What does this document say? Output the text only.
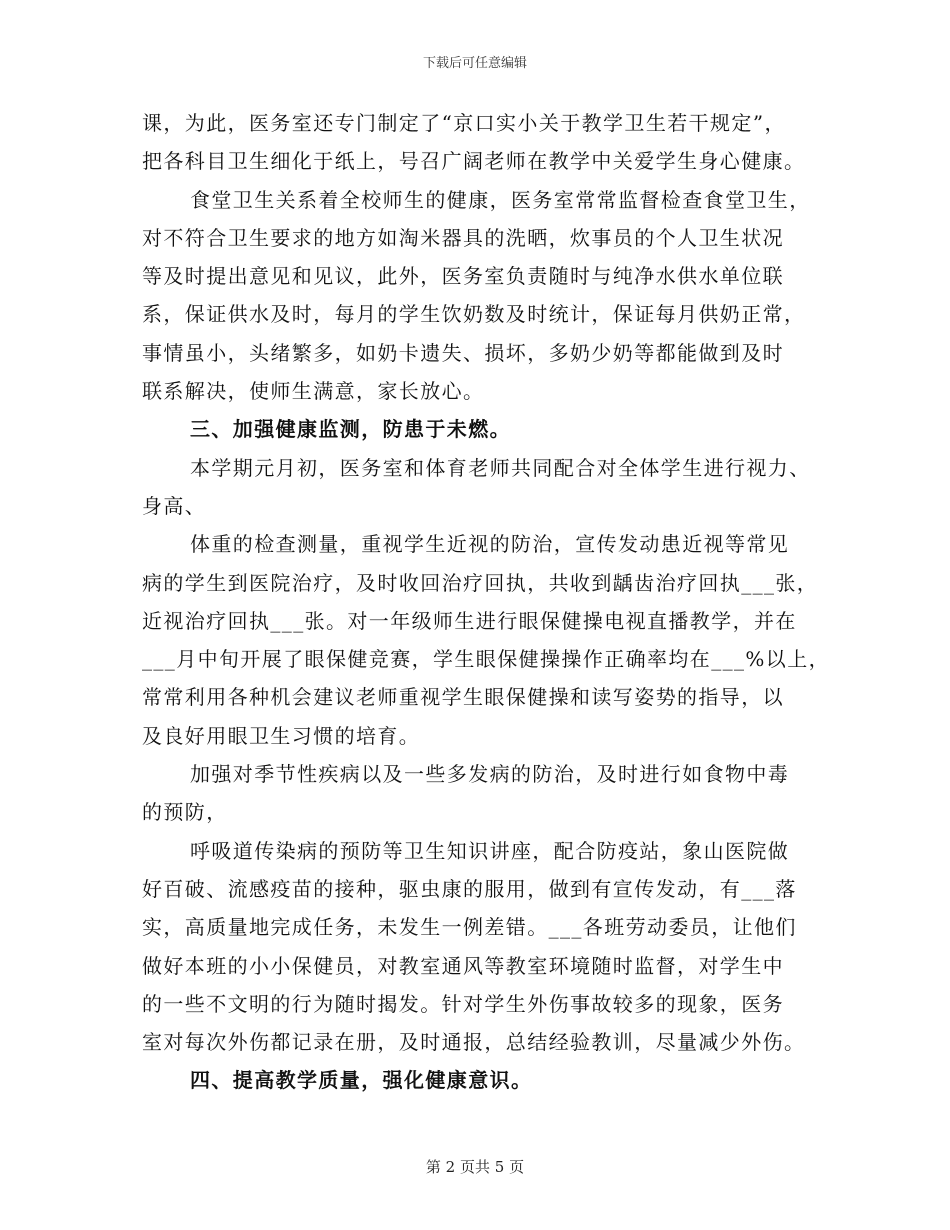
下载后可任意编辑
课，为此，医务室还专门制定了“京口实小关于教学卫生若干规定”，
把各科目卫生细化于纸上，号召广阔老师在教学中关爱学生身心健康。
食堂卫生关系着全校师生的健康，医务室常常监督检查食堂卫生，
对不符合卫生要求的地方如淘米器具的洗晒，炊事员的个人卫生状况
等及时提出意见和见议，此外，医务室负责随时与纯净水供水单位联
系，保证供水及时，每月的学生饮奶数及时统计，保证每月供奶正常，
事情虽小，头绪繁多，如奶卡遗失、损坏，多奶少奶等都能做到及时
联系解决，使师生满意，家长放心。
三、加强健康监测，防患于未燃。
本学期元月初，医务室和体育老师共同配合对全体学生进行视力、
身高、
体重的检查测量，重视学生近视的防治，宣传发动患近视等常见
病的学生到医院治疗，及时收回治疗回执，共收到龋齿治疗回执___张，
近视治疗回执___张。对一年级师生进行眼保健操电视直播教学，并在
___月中旬开展了眼保健竞赛，学生眼保健操操作正确率均在___%以上，
常常利用各种机会建议老师重视学生眼保健操和读写姿势的指导，以
及良好用眼卫生习惯的培育。
加强对季节性疾病以及一些多发病的防治，及时进行如食物中毒
的预防，
呼吸道传染病的预防等卫生知识讲座，配合防疫站，象山医院做
好百破、流感疫苗的接种，驱虫康的服用，做到有宣传发动，有___落
实，高质量地完成任务，未发生一例差错。___各班劳动委员，让他们
做好本班的小小保健员，对教室通风等教室环境随时监督，对学生中
的一些不文明的行为随时揭发。针对学生外伤事故较多的现象，医务
室对每次外伤都记录在册，及时通报，总结经验教训，尽量减少外伤。
四、提高教学质量，强化健康意识。
第 2 页共 5 页
